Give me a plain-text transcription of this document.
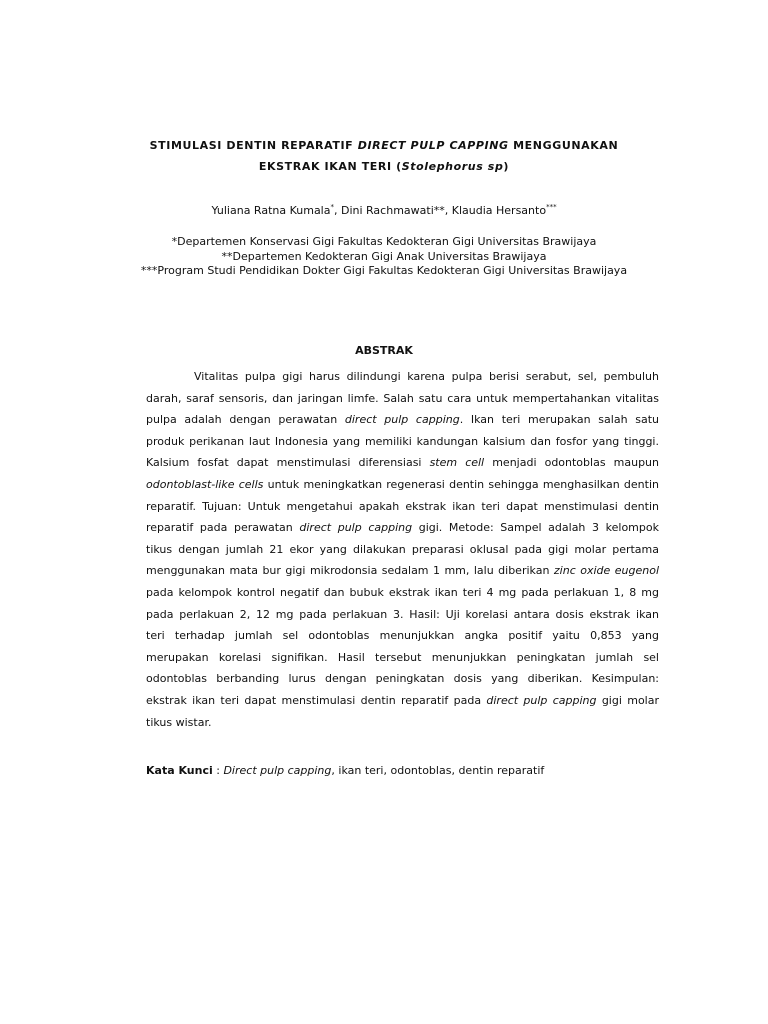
STIMULASI DENTIN REPARATIF DIRECT PULP CAPPING MENGGUNAKAN
EKSTRAK IKAN TERI (Stolephorus sp)
Yuliana Ratna Kumala*, Dini Rachmawati**, Klaudia Hersanto***
*Departemen Konservasi Gigi Fakultas Kedokteran Gigi Universitas Brawijaya
**Departemen Kedokteran Gigi Anak Universitas Brawijaya
***Program Studi Pendidikan Dokter Gigi Fakultas Kedokteran Gigi Universitas Brawijaya
ABSTRAK
Vitalitas pulpa gigi harus dilindungi karena pulpa berisi serabut, sel, pembuluh
darah, saraf sensoris, dan jaringan limfe. Salah satu cara untuk mempertahankan vitalitas
pulpa adalah dengan perawatan direct pulp capping. Ikan teri merupakan salah satu
produk perikanan laut Indonesia yang memiliki kandungan kalsium dan fosfor yang tinggi.
Kalsium fosfat dapat menstimulasi diferensiasi stem cell menjadi odontoblas maupun
odontoblast-like cells untuk meningkatkan regenerasi dentin sehingga menghasilkan dentin
reparatif. Tujuan: Untuk mengetahui apakah ekstrak ikan teri dapat menstimulasi dentin
reparatif pada perawatan direct pulp capping gigi. Metode: Sampel adalah 3 kelompok
tikus dengan jumlah 21 ekor yang dilakukan preparasi oklusal pada gigi molar pertama
menggunakan mata bur gigi mikrodonsia sedalam 1 mm, lalu diberikan zinc oxide eugenol
pada kelompok kontrol negatif dan bubuk ekstrak ikan teri 4 mg pada perlakuan 1, 8 mg
pada perlakuan 2, 12 mg pada perlakuan 3. Hasil: Uji korelasi antara dosis ekstrak ikan
teri terhadap jumlah sel odontoblas menunjukkan angka positif yaitu 0,853 yang
merupakan korelasi signifikan. Hasil tersebut menunjukkan peningkatan jumlah sel
odontoblas berbanding lurus dengan peningkatan dosis yang diberikan. Kesimpulan:
ekstrak ikan teri dapat menstimulasi dentin reparatif pada direct pulp capping gigi molar
tikus wistar.
Kata Kunci : Direct pulp capping, ikan teri, odontoblas, dentin reparatif
